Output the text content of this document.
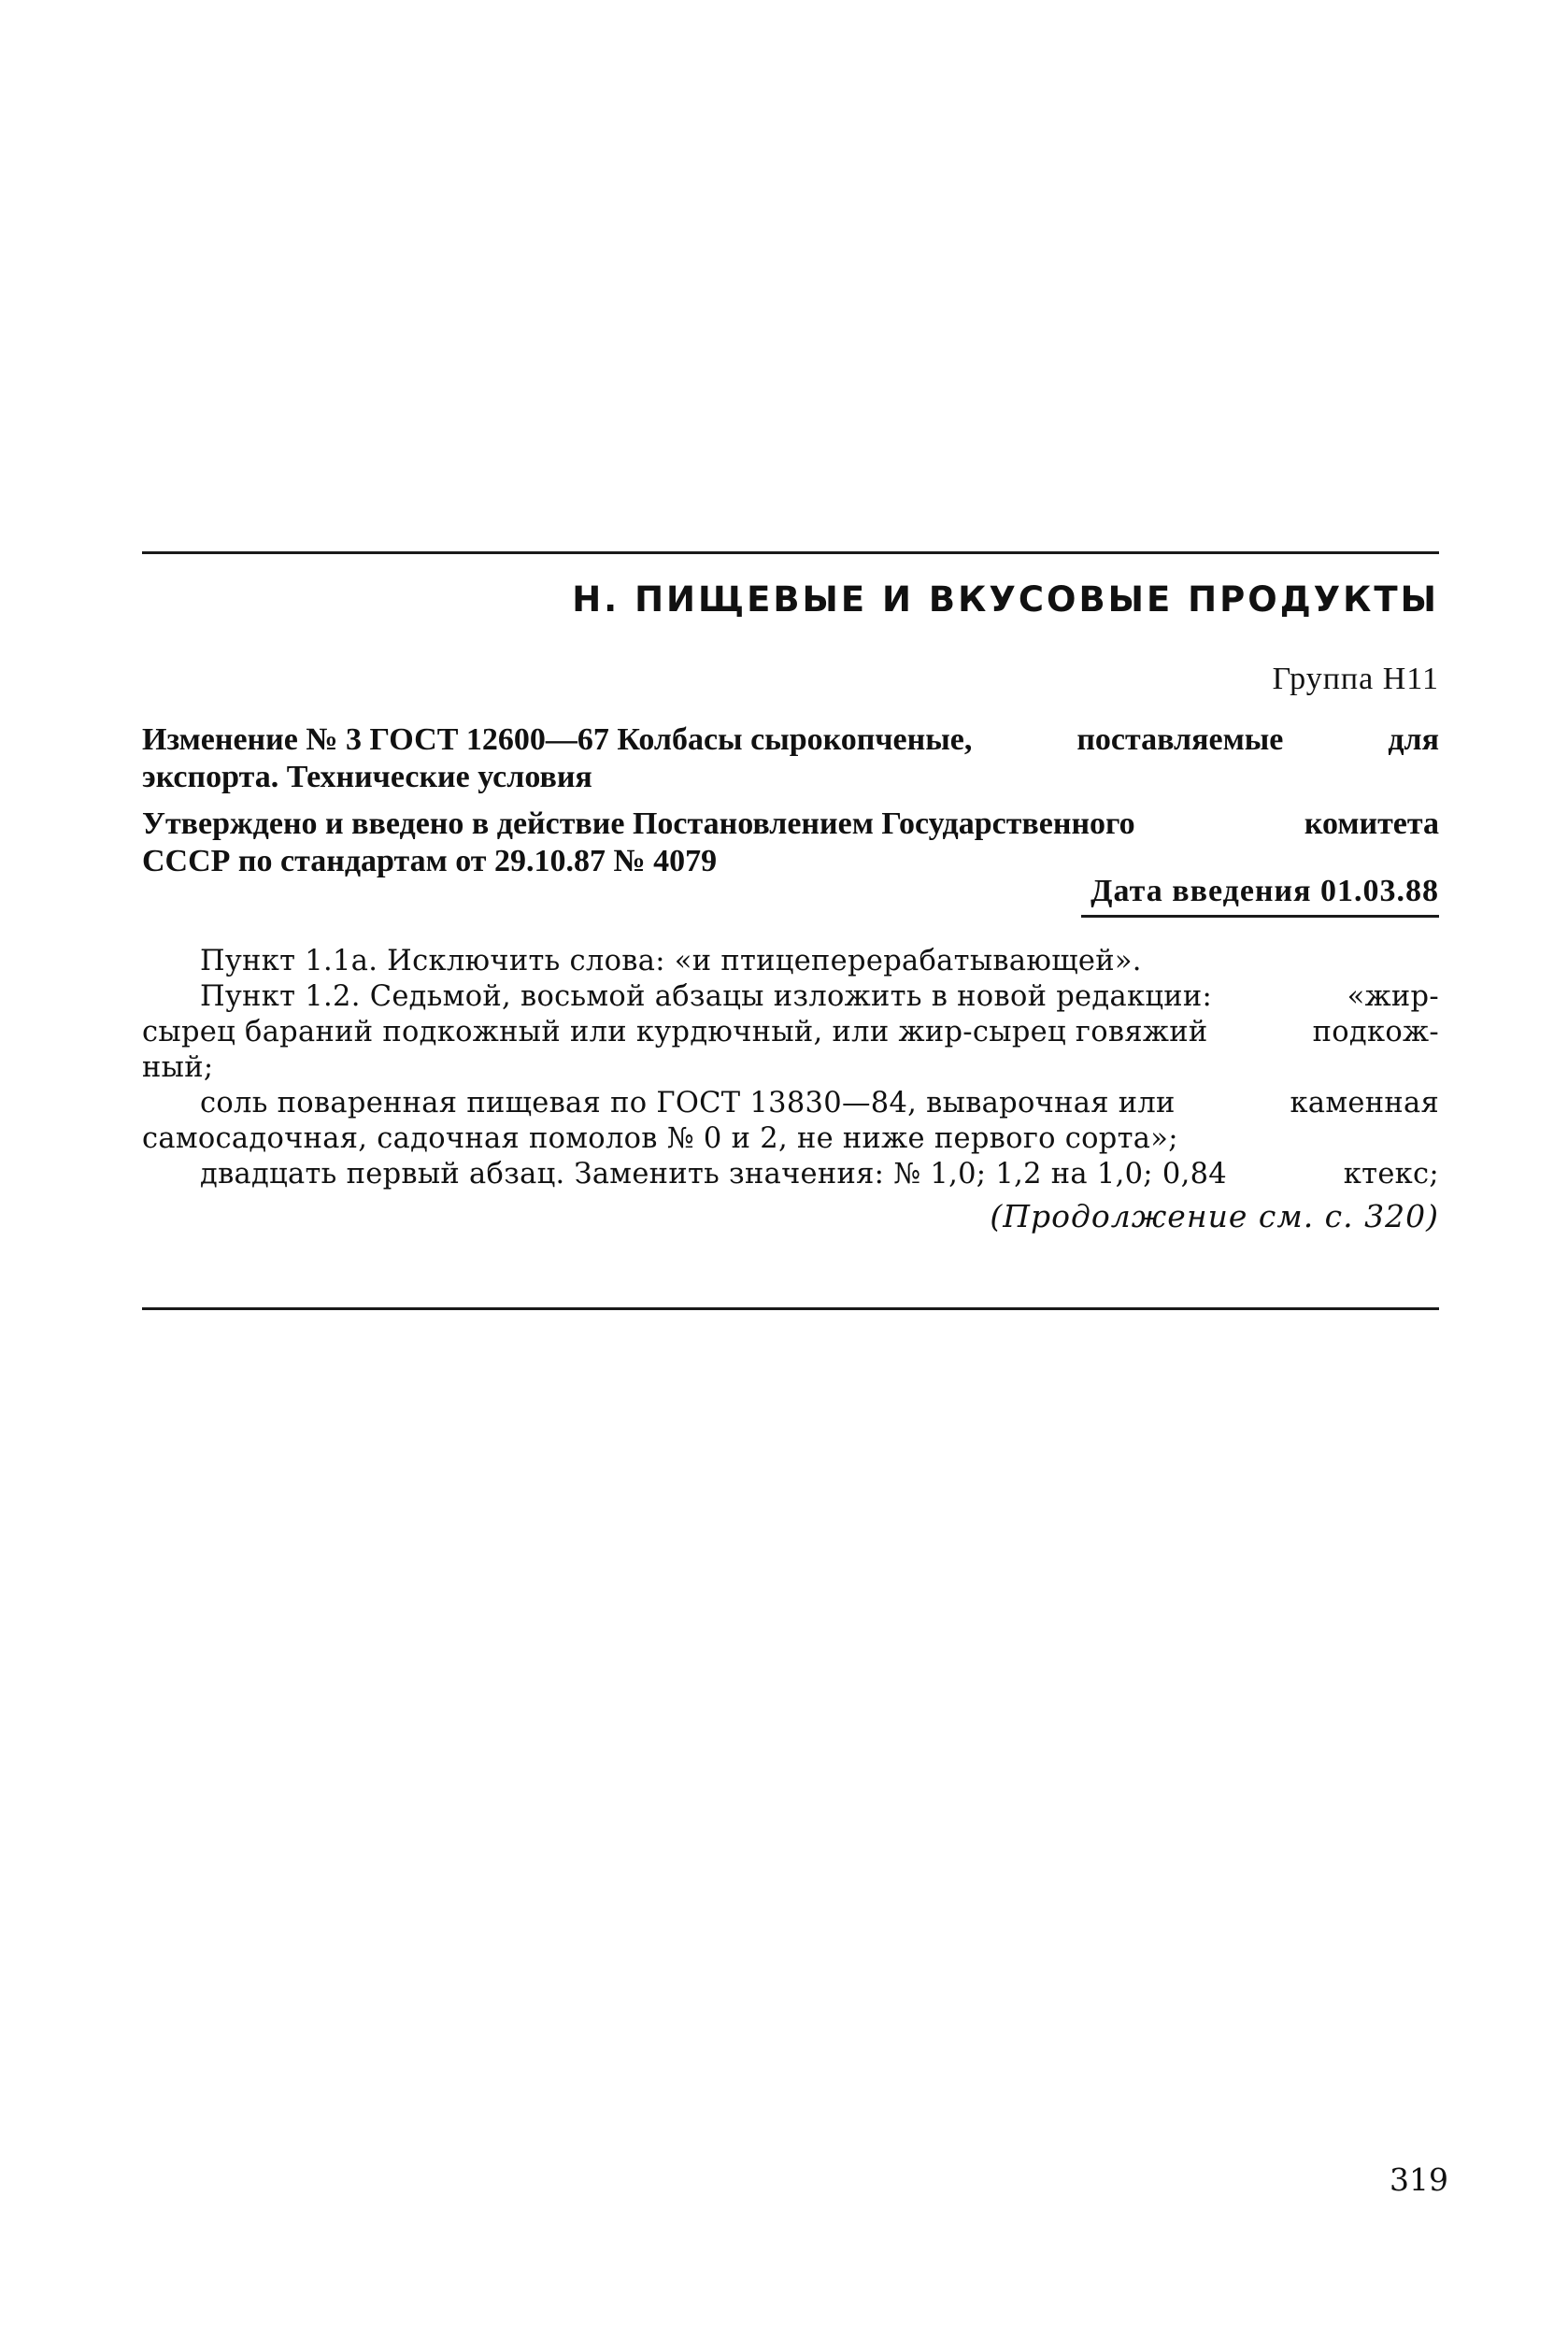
Н. ПИЩЕВЫЕ И ВКУСОВЫЕ ПРОДУКТЫ
Группа Н11
Изменение № 3 ГОСТ 12600—67 Колбасы сырокопченые,	поставляемые	для
экспорта. Технические условия
Утверждено и введено в действие Постановлением Государственного	комитета
СССР по стандартам от 29.10.87 № 4079
Дата введения 01.03.88
Пункт 1.1а. Исключить слова: «и птицеперерабатывающей».
Пункт 1.2. Седьмой, восьмой абзацы изложить в новой редакции:	«жир-
сырец бараний подкожный или курдючный, или жир-сырец говяжий	подкож-
ный;
соль поваренная пищевая по ГОСТ 13830—84, выварочная или	каменная
самосадочная, садочная помолов № 0 и 2, не ниже первого сорта»;
двадцать первый абзац. Заменить значения: № 1,0; 1,2 на 1,0; 0,84	ктекс;
(Продолжение см. с. 320)
319
